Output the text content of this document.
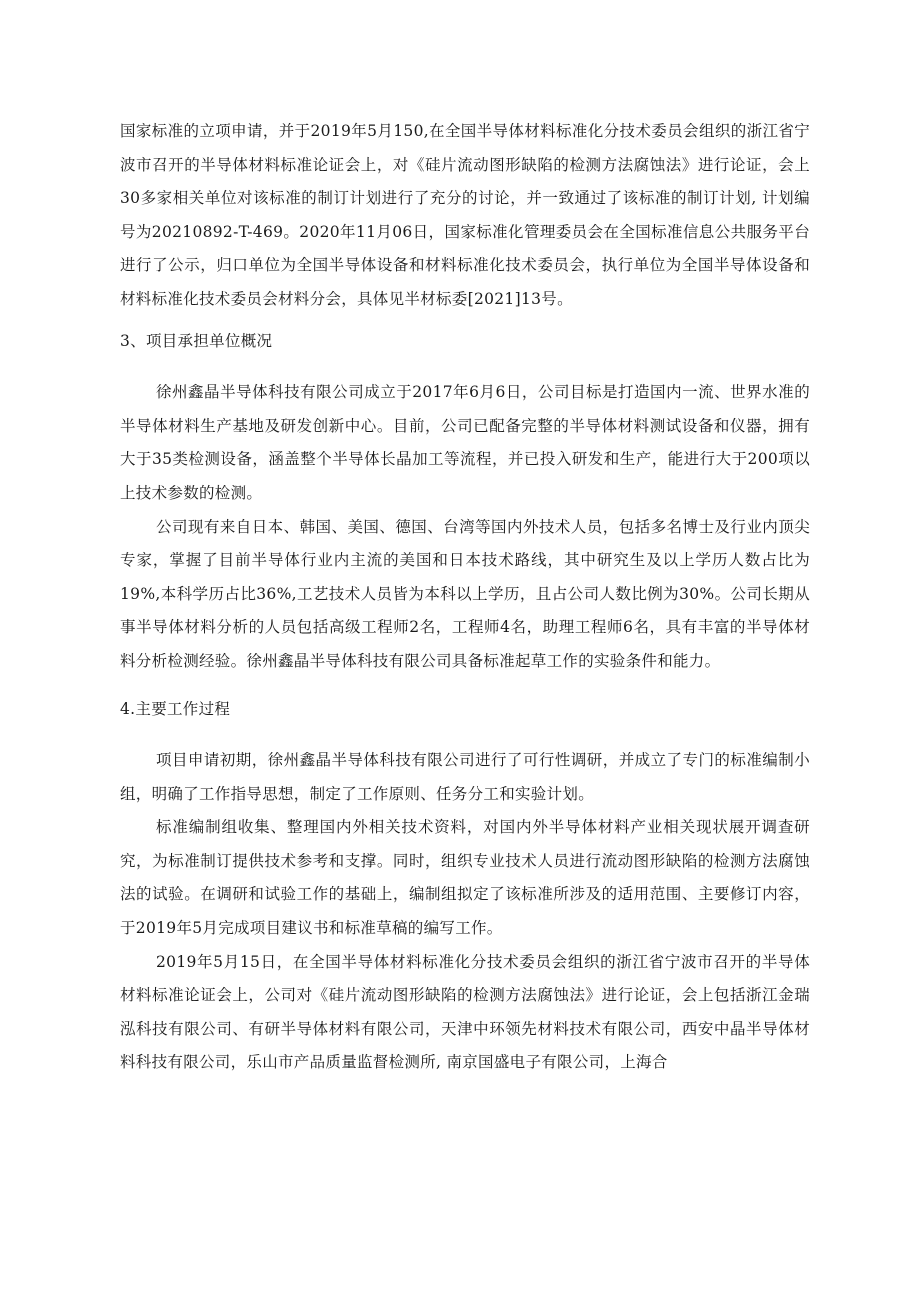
国家标准的立项申请，并于2019年5月150,在全国半导体材料标准化分技术委员会组织的浙江省宁波市召开的半导体材料标准论证会上，对《硅片流动图形缺陷的检测方法腐蚀法》进行论证，会上30多家相关单位对该标准的制订计划进行了充分的讨论，并一致通过了该标准的制订计划, 计划编号为20210892-T-469。2020年11月06日，国家标准化管理委员会在全国标准信息公共服务平台进行了公示，归口单位为全国半导体设备和材料标准化技术委员会，执行单位为全国半导体设备和材料标准化技术委员会材料分会，具体见半材标委[2021]13号。

3、项目承担单位概况

徐州鑫晶半导体科技有限公司成立于2017年6月6日，公司目标是打造国内一流、世界水准的半导体材料生产基地及研发创新中心。目前，公司已配备完整的半导体材料测试设备和仪器，拥有大于35类检测设备，涵盖整个半导体长晶加工等流程，并已投入研发和生产，能进行大于200项以上技术参数的检测。

公司现有来自日本、韩国、美国、德国、台湾等国内外技术人员，包括多名博士及行业内顶尖专家，掌握了目前半导体行业内主流的美国和日本技术路线，其中研究生及以上学历人数占比为19%,本科学历占比36%,工艺技术人员皆为本科以上学历，且占公司人数比例为30%。公司长期从事半导体材料分析的人员包括高级工程师2名，工程师4名，助理工程师6名，具有丰富的半导体材料分析检测经验。徐州鑫晶半导体科技有限公司具备标准起草工作的实验条件和能力。

4.主要工作过程

项目申请初期，徐州鑫晶半导体科技有限公司进行了可行性调研，并成立了专门的标准编制小组，明确了工作指导思想，制定了工作原则、任务分工和实验计划。

标准编制组收集、整理国内外相关技术资料，对国内外半导体材料产业相关现状展开调查研究，为标准制订提供技术参考和支撑。同时，组织专业技术人员进行流动图形缺陷的检测方法腐蚀法的试验。在调研和试验工作的基础上，编制组拟定了该标准所涉及的适用范围、主要修订内容，于2019年5月完成项目建议书和标准草稿的编写工作。

2019年5月15日，在全国半导体材料标准化分技术委员会组织的浙江省宁波市召开的半导体材料标准论证会上，公司对《硅片流动图形缺陷的检测方法腐蚀法》进行论证，会上包括浙江金瑞泓科技有限公司、有研半导体材料有限公司，天津中环领先材料技术有限公司，西安中晶半导体材料科技有限公司，乐山市产品质量监督检测所, 南京国盛电子有限公司，上海合
